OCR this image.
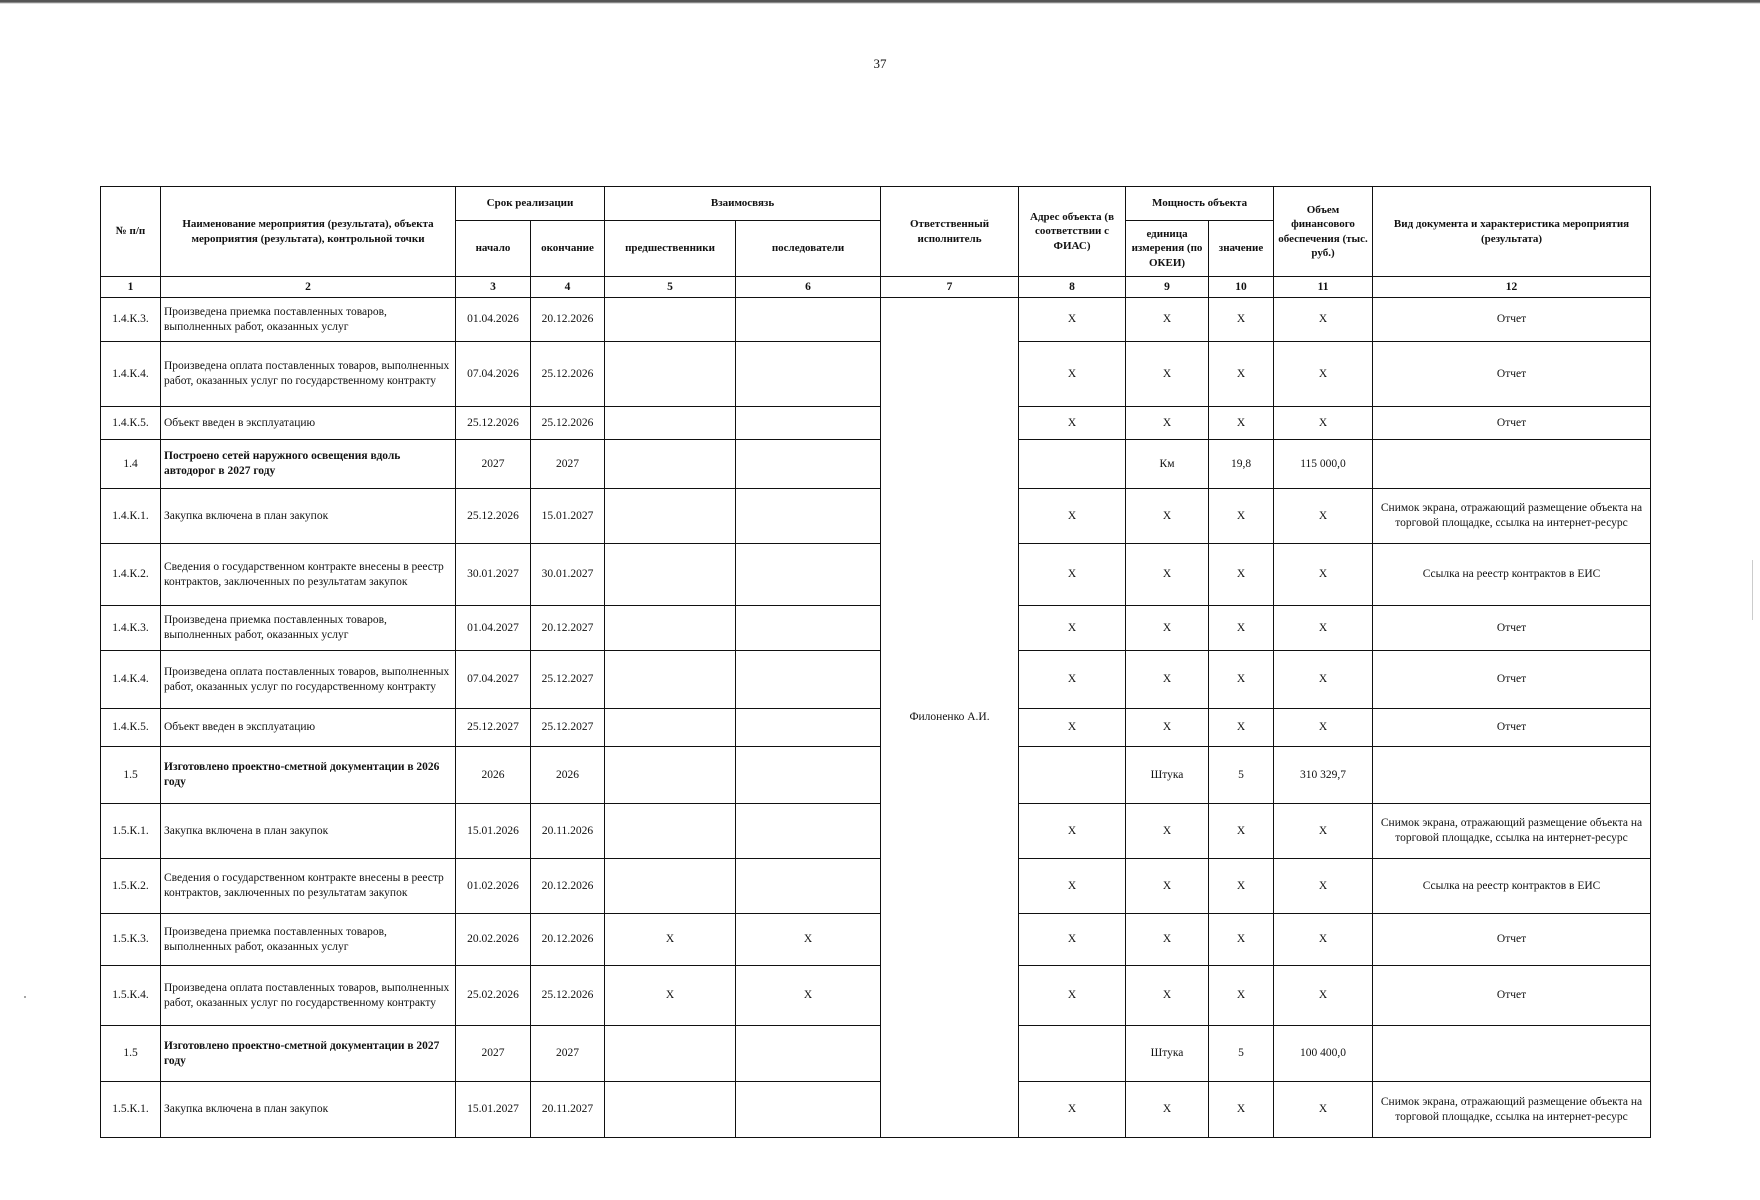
37
№ п/п	Наименование мероприятия (результата), объекта мероприятия (результата), контрольной точки	Срок реализации		Взаимосвязь		Ответственный исполнитель	Адрес объекта (в соответствии с ФИАС)	Мощность объекта		Объем финансового обеспечения (тыс. руб.)	Вид документа и характеристика мероприятия (результата)
		начало	окончание	предшественники	последователи			единица измерения (по ОКЕИ)	значение		
1	2	3	4	5	6	7	8	9	10	11	12
1.4.К.3.	Произведена приемка поставленных товаров, выполненных работ, оказанных услуг	01.04.2026	20.12.2026			Филоненко А.И.	Х	Х	Х	Х	Отчет
1.4.К.4.	Произведена оплата поставленных товаров, выполненных работ, оказанных услуг по государственному контракту	07.04.2026	25.12.2026				Х	Х	Х	Х	Отчет
1.4.К.5.	Объект введен в эксплуатацию	25.12.2026	25.12.2026				Х	Х	Х	Х	Отчет
1.4	Построено сетей наружного освещения вдоль автодорог в 2027 году	2027	2027					Км	19,8	115 000,0	
1.4.К.1.	Закупка включена в план закупок	25.12.2026	15.01.2027				Х	Х	Х	Х	Снимок экрана, отражающий размещение объекта на торговой площадке, ссылка на интернет-ресурс
1.4.К.2.	Сведения о государственном контракте внесены в реестр контрактов, заключенных по результатам закупок	30.01.2027	30.01.2027				Х	Х	Х	Х	Ссылка на реестр контрактов в ЕИС
1.4.К.3.	Произведена приемка поставленных товаров, выполненных работ, оказанных услуг	01.04.2027	20.12.2027				Х	Х	Х	Х	Отчет
1.4.К.4.	Произведена оплата поставленных товаров, выполненных работ, оказанных услуг по государственному контракту	07.04.2027	25.12.2027				Х	Х	Х	Х	Отчет
1.4.К.5.	Объект введен в эксплуатацию	25.12.2027	25.12.2027				Х	Х	Х	Х	Отчет
1.5	Изготовлено проектно-сметной документации в 2026 году	2026	2026					Штука	5	310 329,7	
1.5.К.1.	Закупка включена в план закупок	15.01.2026	20.11.2026				Х	Х	Х	Х	Снимок экрана, отражающий размещение объекта на торговой площадке, ссылка на интернет-ресурс
1.5.К.2.	Сведения о государственном контракте внесены в реестр контрактов, заключенных по результатам закупок	01.02.2026	20.12.2026				Х	Х	Х	Х	Ссылка на реестр контрактов в ЕИС
1.5.К.3.	Произведена приемка поставленных товаров, выполненных работ, оказанных услуг	20.02.2026	20.12.2026	Х	Х		Х	Х	Х	Х	Отчет
1.5.К.4.	Произведена оплата поставленных товаров, выполненных работ, оказанных услуг по государственному контракту	25.02.2026	25.12.2026	Х	Х		Х	Х	Х	Х	Отчет
1.5	Изготовлено проектно-сметной документации в 2027 году	2027	2027					Штука	5	100 400,0	
1.5.К.1.	Закупка включена в план закупок	15.01.2027	20.11.2027				Х	Х	Х	Х	Снимок экрана, отражающий размещение объекта на торговой площадке, ссылка на интернет-ресурс
